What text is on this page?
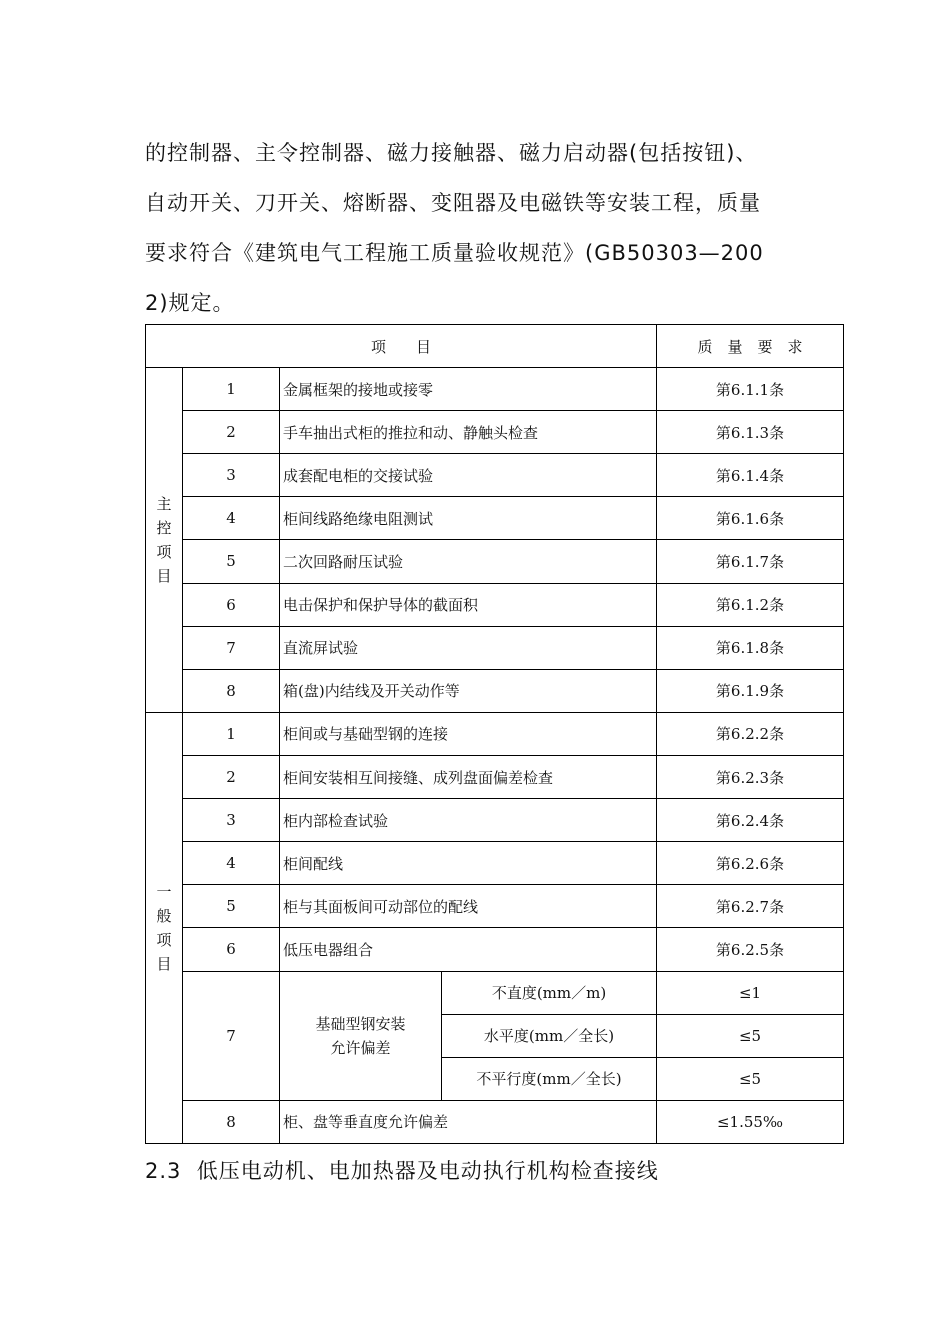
的控制器、主令控制器、磁力接触器、磁力启动器(包括按钮)、
自动开关、刀开关、熔断器、变阻器及电磁铁等安装工程，质量
要求符合《建筑电气工程施工质量验收规范》(GB50303—200
2)规定。
项　　目				质　量　要　求

主
控
项
目	1	金属框架的接地或接零		第6.1.1条
	2	手车抽出式柜的推拉和动、静触头检查		第6.1.3条
	3	成套配电柜的交接试验		第6.1.4条
	4	柜间线路绝缘电阻测试		第6.1.6条
	5	二次回路耐压试验		第6.1.7条
	6	电击保护和保护导体的截面积		第6.1.2条
	7	直流屏试验		第6.1.8条
	8	箱(盘)内结线及开关动作等		第6.1.9条

一
般
项
目	1	柜间或与基础型钢的连接		第6.2.2条
	2	柜间安装相互间接缝、成列盘面偏差检查		第6.2.3条
	3	柜内部检查试验		第6.2.4条
	4	柜间配线		第6.2.6条
	5	柜与其面板间可动部位的配线		第6.2.7条
	6	低压电器组合		第6.2.5条
	7	基础型钢安装
允许偏差	不直度(mm／m)	≤1
			水平度(mm／全长)	≤5
			不平行度(mm／全长)	≤5
	8	柜、盘等垂直度允许偏差		≤1.55‰
2.3 低压电动机、电加热器及电动执行机构检查接线
